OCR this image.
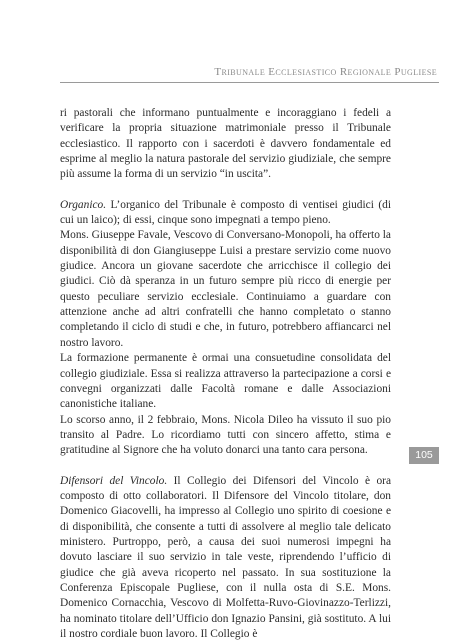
Tribunale Ecclesiastico Regionale Pugliese

ri pastorali che informano puntualmente e incoraggiano i fedeli a verificare la propria situazione matrimoniale presso il Tribunale ecclesiastico. Il rapporto con i sacerdoti è davvero fondamentale ed esprime al meglio la natura pastorale del servizio giudiziale, che sempre più assume la forma di un servizio “in uscita”.

Organico. L’organico del Tribunale è composto di ventisei giudici (di cui un laico); di essi, cinque sono impegnati a tempo pieno.

Mons. Giuseppe Favale, Vescovo di Conversano-Monopoli, ha offerto la disponibilità di don Giangiuseppe Luisi a prestare servizio come nuovo giudice. Ancora un giovane sacerdote che arricchisce il collegio dei giudici. Ciò dà speranza in un futuro sempre più ricco di energie per questo peculiare servizio ecclesiale. Continuiamo a guardare con attenzione anche ad altri confratelli che hanno completato o stanno completando il ciclo di studi e che, in futuro, potrebbero affiancarci nel nostro lavoro.

La formazione permanente è ormai una consuetudine consolidata del collegio giudiziale. Essa si realizza attraverso la partecipazione a corsi e convegni organizzati dalle Facoltà romane e dalle Associazioni canonistiche italiane.

Lo scorso anno, il 2 febbraio, Mons. Nicola Dileo ha vissuto il suo pio transito al Padre. Lo ricordiamo tutti con sincero affetto, stima e gratitudine al Signore che ha voluto donarci una tanto cara persona.

Difensori del Vincolo. Il Collegio dei Difensori del Vincolo è ora composto di otto collaboratori. Il Difensore del Vincolo titolare, don Domenico Giacovelli, ha impresso al Collegio uno spirito di coesione e di disponibilità, che consente a tutti di assolvere al meglio tale delicato ministero. Purtroppo, però, a causa dei suoi numerosi impegni ha dovuto lasciare il suo servizio in tale veste, riprendendo l’ufficio di giudice che già aveva ricoperto nel passato. In sua sostituzione la Conferenza Episcopale Pugliese, con il nulla osta di S.E. Mons. Domenico Cornacchia, Vescovo di Molfetta-Ruvo-Giovinazzo-Terlizzi, ha nominato titolare dell’Ufficio don Ignazio Pansini, già sostituto. A lui il nostro cordiale buon lavoro. Il Collegio è

105
